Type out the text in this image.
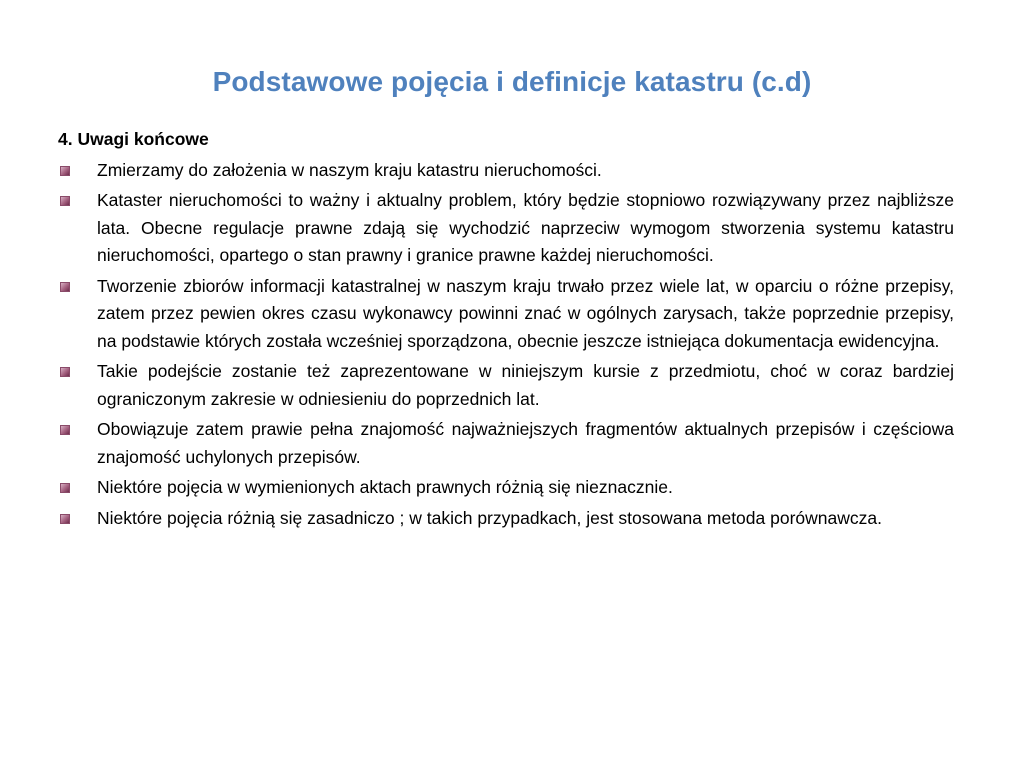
Podstawowe pojęcia i definicje katastru (c.d)
4. Uwagi końcowe
Zmierzamy do założenia w naszym kraju katastru nieruchomości.
Kataster nieruchomości to ważny i aktualny problem, który będzie stopniowo rozwiązywany przez najbliższe lata. Obecne regulacje prawne zdają się wychodzić naprzeciw wymogom stworzenia systemu katastru nieruchomości, opartego o stan prawny i granice prawne każdej nieruchomości.
Tworzenie zbiorów informacji katastralnej w naszym kraju trwało przez wiele lat, w oparciu o różne przepisy, zatem przez pewien okres czasu wykonawcy powinni znać w ogólnych zarysach, także poprzednie przepisy, na podstawie których została wcześniej sporządzona, obecnie jeszcze istniejąca dokumentacja ewidencyjna.
Takie podejście zostanie też zaprezentowane w niniejszym kursie z przedmiotu, choć w coraz bardziej ograniczonym zakresie w odniesieniu do poprzednich lat.
Obowiązuje zatem prawie pełna znajomość najważniejszych fragmentów aktualnych przepisów i częściowa znajomość uchylonych przepisów.
Niektóre pojęcia w wymienionych aktach prawnych różnią się nieznacznie.
Niektóre pojęcia różnią się zasadniczo ; w takich przypadkach, jest stosowana metoda porównawcza.
